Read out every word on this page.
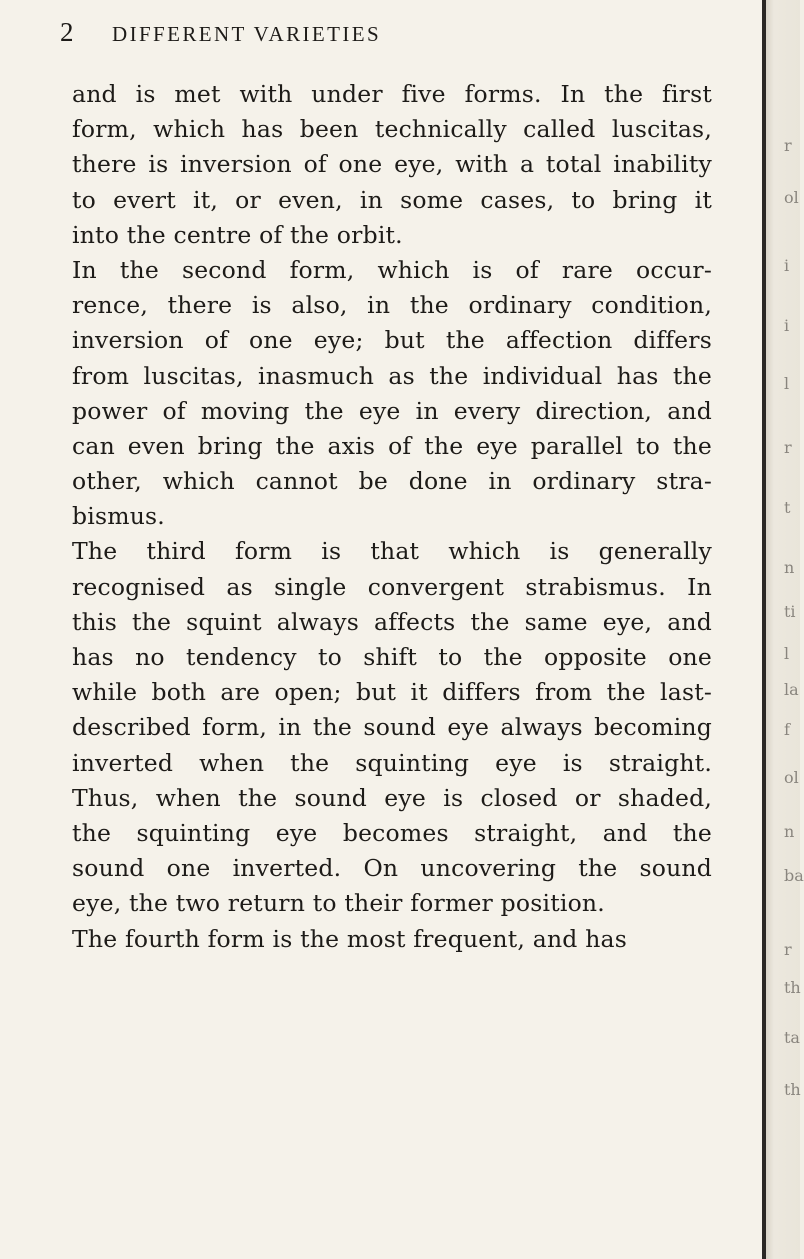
2 DIFFERENT VARIETIES
and is met with under five forms. In the first
form, which has been technically called luscitas,
there is inversion of one eye, with a total inability
to evert it, or even, in some cases, to bring it
into the centre of the orbit.
In the second form, which is of rare occur-
rence, there is also, in the ordinary condition,
inversion of one eye; but the affection differs
from luscitas, inasmuch as the individual has the
power of moving the eye in every direction, and
can even bring the axis of the eye parallel to the
other, which cannot be done in ordinary stra-
bismus.
The third form is that which is generally
recognised as single convergent strabismus. In
this the squint always affects the same eye, and
has no tendency to shift to the opposite one
while both are open; but it differs from the last-
described form, in the sound eye always becoming
inverted when the squinting eye is straight.
Thus, when the sound eye is closed or shaded,
the squinting eye becomes straight, and the
sound one inverted. On uncovering the sound
eye, the two return to their former position.
The fourth form is the most frequent, and has
r
ol
i
i
l
r
t
n
ti
l
la
f
ol
n
ba
r
th
ta
th
